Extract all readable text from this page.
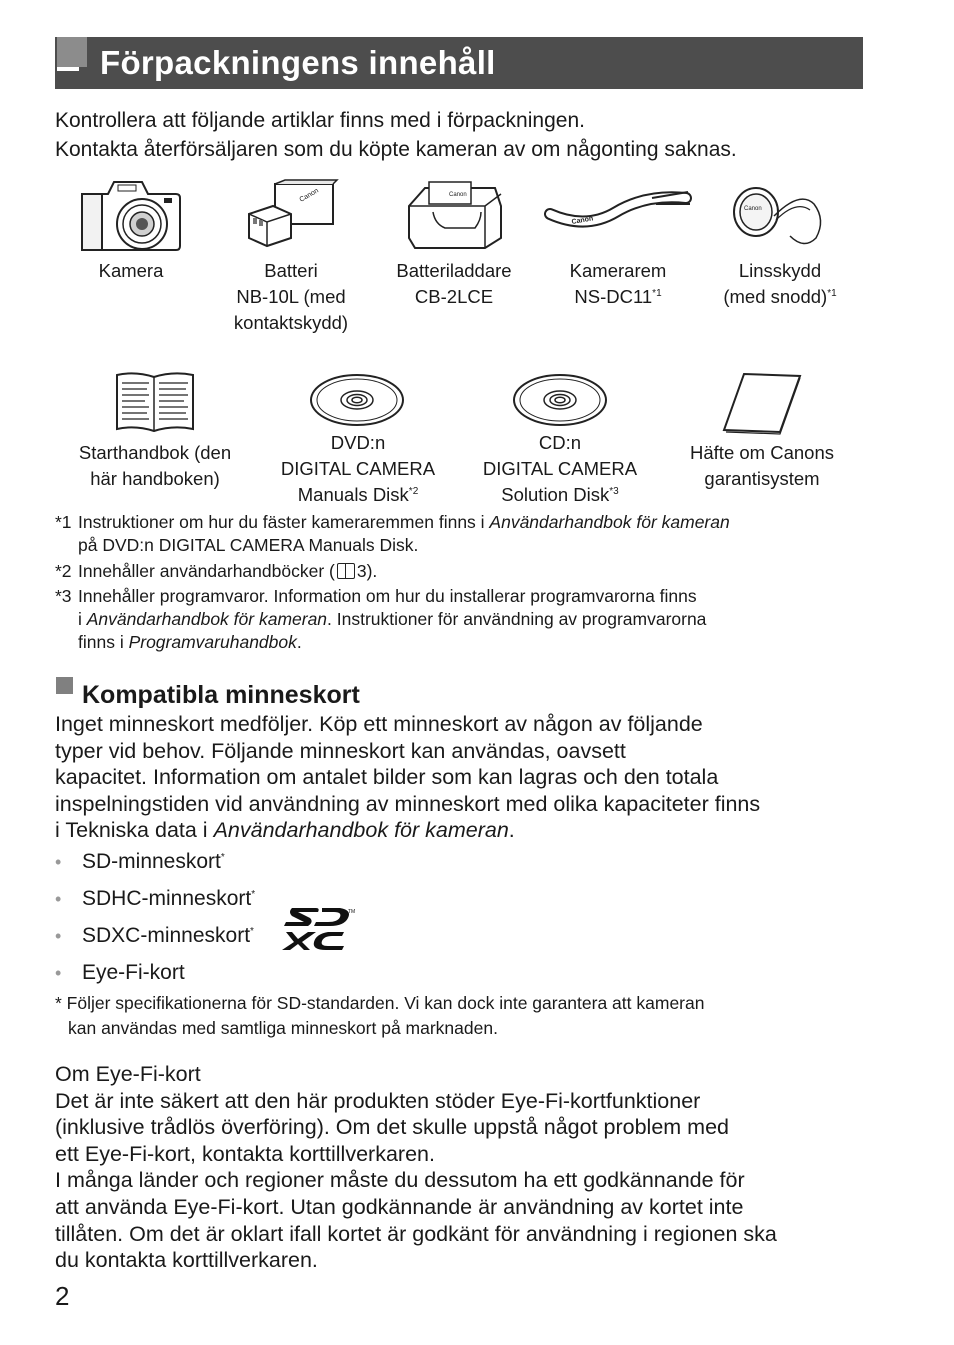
Förpackningens innehåll
Kontrollera att följande artiklar finns med i förpackningen.
Kontakta återförsäljaren som du köpte kameran av om någonting saknas.
Canon	Canon
Canon
Canon
Kamera	Batteri
NB-10L (med
kontaktskydd)
Batteriladdare
CB-2LCE
Kamerarem
NS-DC11$^{*1}$
Linsskydd
(med snodd)$^{*1}$
Starthandbok (den
här handboken)
DVD:n
DIGITAL CAMERA
Manuals Disk$^{*2}$
CD:n
DIGITAL CAMERA
Solution Disk$^{*3}$
Häfte om Canons
garantisystem
*1 Instruktioner om hur du fäster kameraremmen finns i Användarhandbok för kameran
på DVD:n DIGITAL CAMERA Manuals Disk.
*2 Innehåller användarhandböcker ( 3).
*3 Innehåller programvaror. Information om hur du installerar programvarorna finns
i Användarhandbok för kameran. Instruktioner för användning av programvarorna
finns i Programvaruhandbok.
Kompatibla minneskort
Inget minneskort medföljer. Köp ett minneskort av någon av följande
typer vid behov. Följande minneskort kan användas, oavsett
kapacitet. Information om antalet bilder som kan lagras och den totala
inspelningstiden vid användning av minneskort med olika kapaciteter finns
i Tekniska data i Användarhandbok för kameran.
• SD-minneskort*
• SDHC-minneskort*
• SDXC-minneskort*
• Eye-Fi-kort
TM
* Följer specifikationerna för SD-standarden. Vi kan dock inte garantera att kameran
kan användas med samtliga minneskort på marknaden.
Om Eye-Fi-kort
Det är inte säkert att den här produkten stöder Eye-Fi-kortfunktioner
(inklusive trådlös överföring). Om det skulle uppstå något problem med
ett Eye-Fi-kort, kontakta korttillverkaren.
I många länder och regioner måste du dessutom ha ett godkännande för
att använda Eye-Fi-kort. Utan godkännande är användning av kortet inte
tillåten. Om det är oklart ifall kortet är godkänt för användning i regionen ska
du kontakta korttillverkaren.
2
